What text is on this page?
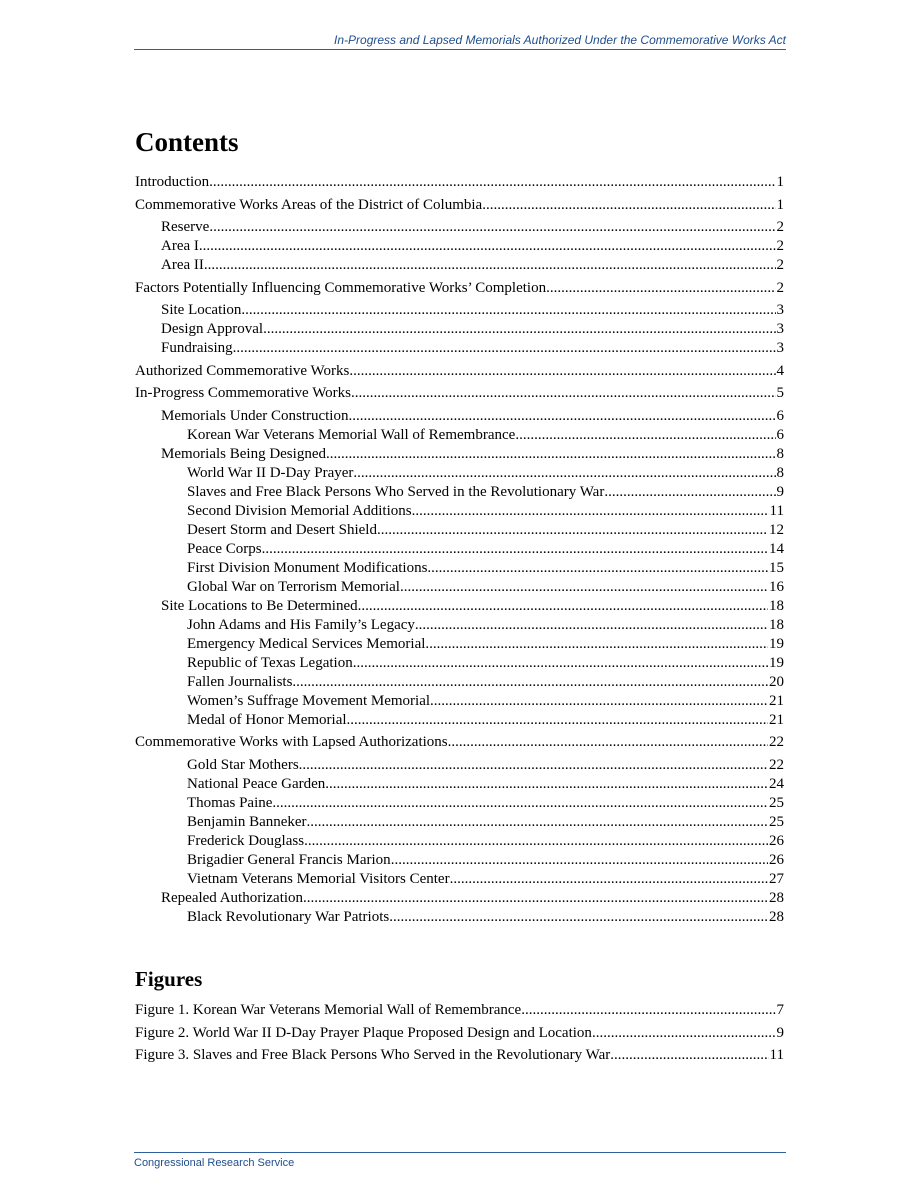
In-Progress and Lapsed Memorials Authorized Under the Commemorative Works Act
Contents
Introduction .....	1
Commemorative Works Areas of the District of Columbia .....	1
Reserve .....	2
Area I .....	2
Area II .....	2
Factors Potentially Influencing Commemorative Works’ Completion .....	2
Site Location .....	3
Design Approval .....	3
Fundraising .....	3
Authorized Commemorative Works .....	4
In-Progress Commemorative Works .....	5
Memorials Under Construction .....	6
Korean War Veterans Memorial Wall of Remembrance .....	6
Memorials Being Designed .....	8
World War II D-Day Prayer .....	8
Slaves and Free Black Persons Who Served in the Revolutionary War .....	9
Second Division Memorial Additions .....	11
Desert Storm and Desert Shield .....	12
Peace Corps .....	14
First Division Monument Modifications .....	15
Global War on Terrorism Memorial .....	16
Site Locations to Be Determined .....	18
John Adams and His Family’s Legacy .....	18
Emergency Medical Services Memorial .....	19
Republic of Texas Legation .....	19
Fallen Journalists .....	20
Women’s Suffrage Movement Memorial .....	21
Medal of Honor Memorial .....	21
Commemorative Works with Lapsed Authorizations .....	22
Gold Star Mothers .....	22
National Peace Garden .....	24
Thomas Paine .....	25
Benjamin Banneker .....	25
Frederick Douglass .....	26
Brigadier General Francis Marion .....	26
Vietnam Veterans Memorial Visitors Center .....	27
Repealed Authorization .....	28
Black Revolutionary War Patriots .....	28
Figures
Figure 1. Korean War Veterans Memorial Wall of Remembrance .....	7
Figure 2. World War II D-Day Prayer Plaque Proposed Design and Location .....	9
Figure 3. Slaves and Free Black Persons Who Served in the Revolutionary War .....	11
Congressional Research Service
